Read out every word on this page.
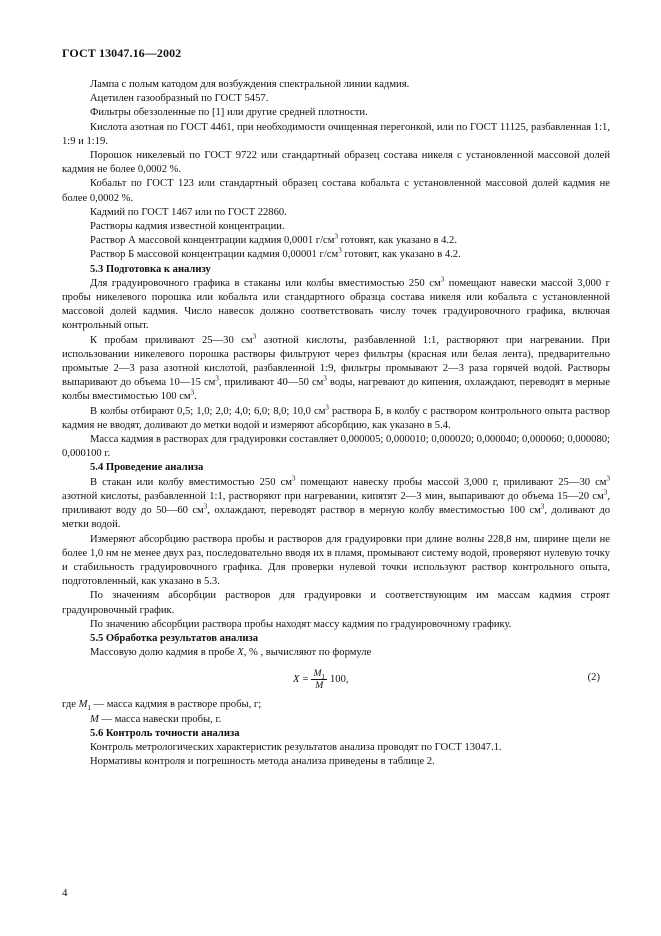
ГОСТ 13047.16—2002

Лампа с полым катодом для возбуждения спектральной линии кадмия.

Ацетилен газообразный по ГОСТ 5457.

Фильтры обеззоленные по [1] или другие средней плотности.

Кислота азотная по ГОСТ 4461, при необходимости очищенная перегонкой, или по ГОСТ 11125, разбавленная 1:1, 1:9 и 1:19.

Порошок никелевый по ГОСТ 9722 или стандартный образец состава никеля с установленной массовой долей кадмия не более 0,0002 %.

Кобальт по ГОСТ 123 или стандартный образец состава кобальта с установленной массовой долей кадмия не более 0,0002 %.

Кадмий по ГОСТ 1467 или по ГОСТ 22860.

Растворы кадмия известной концентрации.

Раствор А массовой концентрации кадмия 0,0001 $г/см^3$ готовят, как указано в 4.2.

Раствор Б массовой концентрации кадмия 0,00001 $г/см^3$ готовят, как указано в 4.2.

5.3 Подготовка к анализу

Для градуировочного графика в стаканы или колбы вместимостью 250 $см^3$ помещают навески массой 3,000 г пробы никелевого порошка или кобальта или стандартного образца состава никеля или кобальта с установленной массовой долей кадмия. Число навесок должно соответствовать числу точек градуировочного графика, включая контрольный опыт.

К пробам приливают 25—30 $см^3$ азотной кислоты, разбавленной 1:1, растворяют при нагревании. При использовании никелевого порошка растворы фильтруют через фильтры (красная или белая лента), предварительно промытые 2—3 раза азотной кислотой, разбавленной 1:9, фильтры промывают 2—3 раза горячей водой. Растворы выпаривают до объема 10—15 $см^3$, приливают 40—50 $см^3$ воды, нагревают до кипения, охлаждают, переводят в мерные колбы вместимостью 100 $см^3$.

В колбы отбирают 0,5; 1,0; 2,0; 4,0; 6,0; 8,0; 10,0 $см^3$ раствора Б, в колбу с раствором контрольного опыта раствор кадмия не вводят, доливают до метки водой и измеряют абсорбцию, как указано в 5.4.

Масса кадмия в растворах для градуировки составляет 0,000005; 0,000010; 0,000020; 0,000040; 0,000060; 0,000080; 0,000100 г.

5.4 Проведение анализа

В стакан или колбу вместимостью 250 $см^3$ помещают навеску пробы массой 3,000 г, приливают 25—30 $см^3$ азотной кислоты, разбавленной 1:1, растворяют при нагревании, кипятят 2—3 мин, выпаривают до объема 15—20 $см^3$, приливают воду до 50—60 $см^3$, охлаждают, переводят раствор в мерную колбу вместимостью 100 $см^3$, доливают до метки водой.

Измеряют абсорбцию раствора пробы и растворов для градуировки при длине волны 228,8 нм, ширине щели не более 1,0 нм не менее двух раз, последовательно вводя их в пламя, промывают систему водой, проверяют нулевую точку и стабильность градуировочного графика. Для проверки нулевой точки используют раствор контрольного опыта, подготовленный, как указано в 5.3.

По значениям абсорбции растворов для градуировки и соответствующим им массам кадмия строят градуировочный график.

По значению абсорбции раствора пробы находят массу кадмия по градуировочному графику.

5.5 Обработка результатов анализа

Массовую долю кадмия в пробе X, % , вычисляют по формуле

$X = \frac{M_1}{M} 100$,	(2)

где $M_1$ — масса кадмия в растворе пробы, г;

M — масса навески пробы, г.

5.6 Контроль точности анализа

Контроль метрологических характеристик результатов анализа проводят по ГОСТ 13047.1.

Нормативы контроля и погрешность метода анализа приведены в таблице 2.

4
